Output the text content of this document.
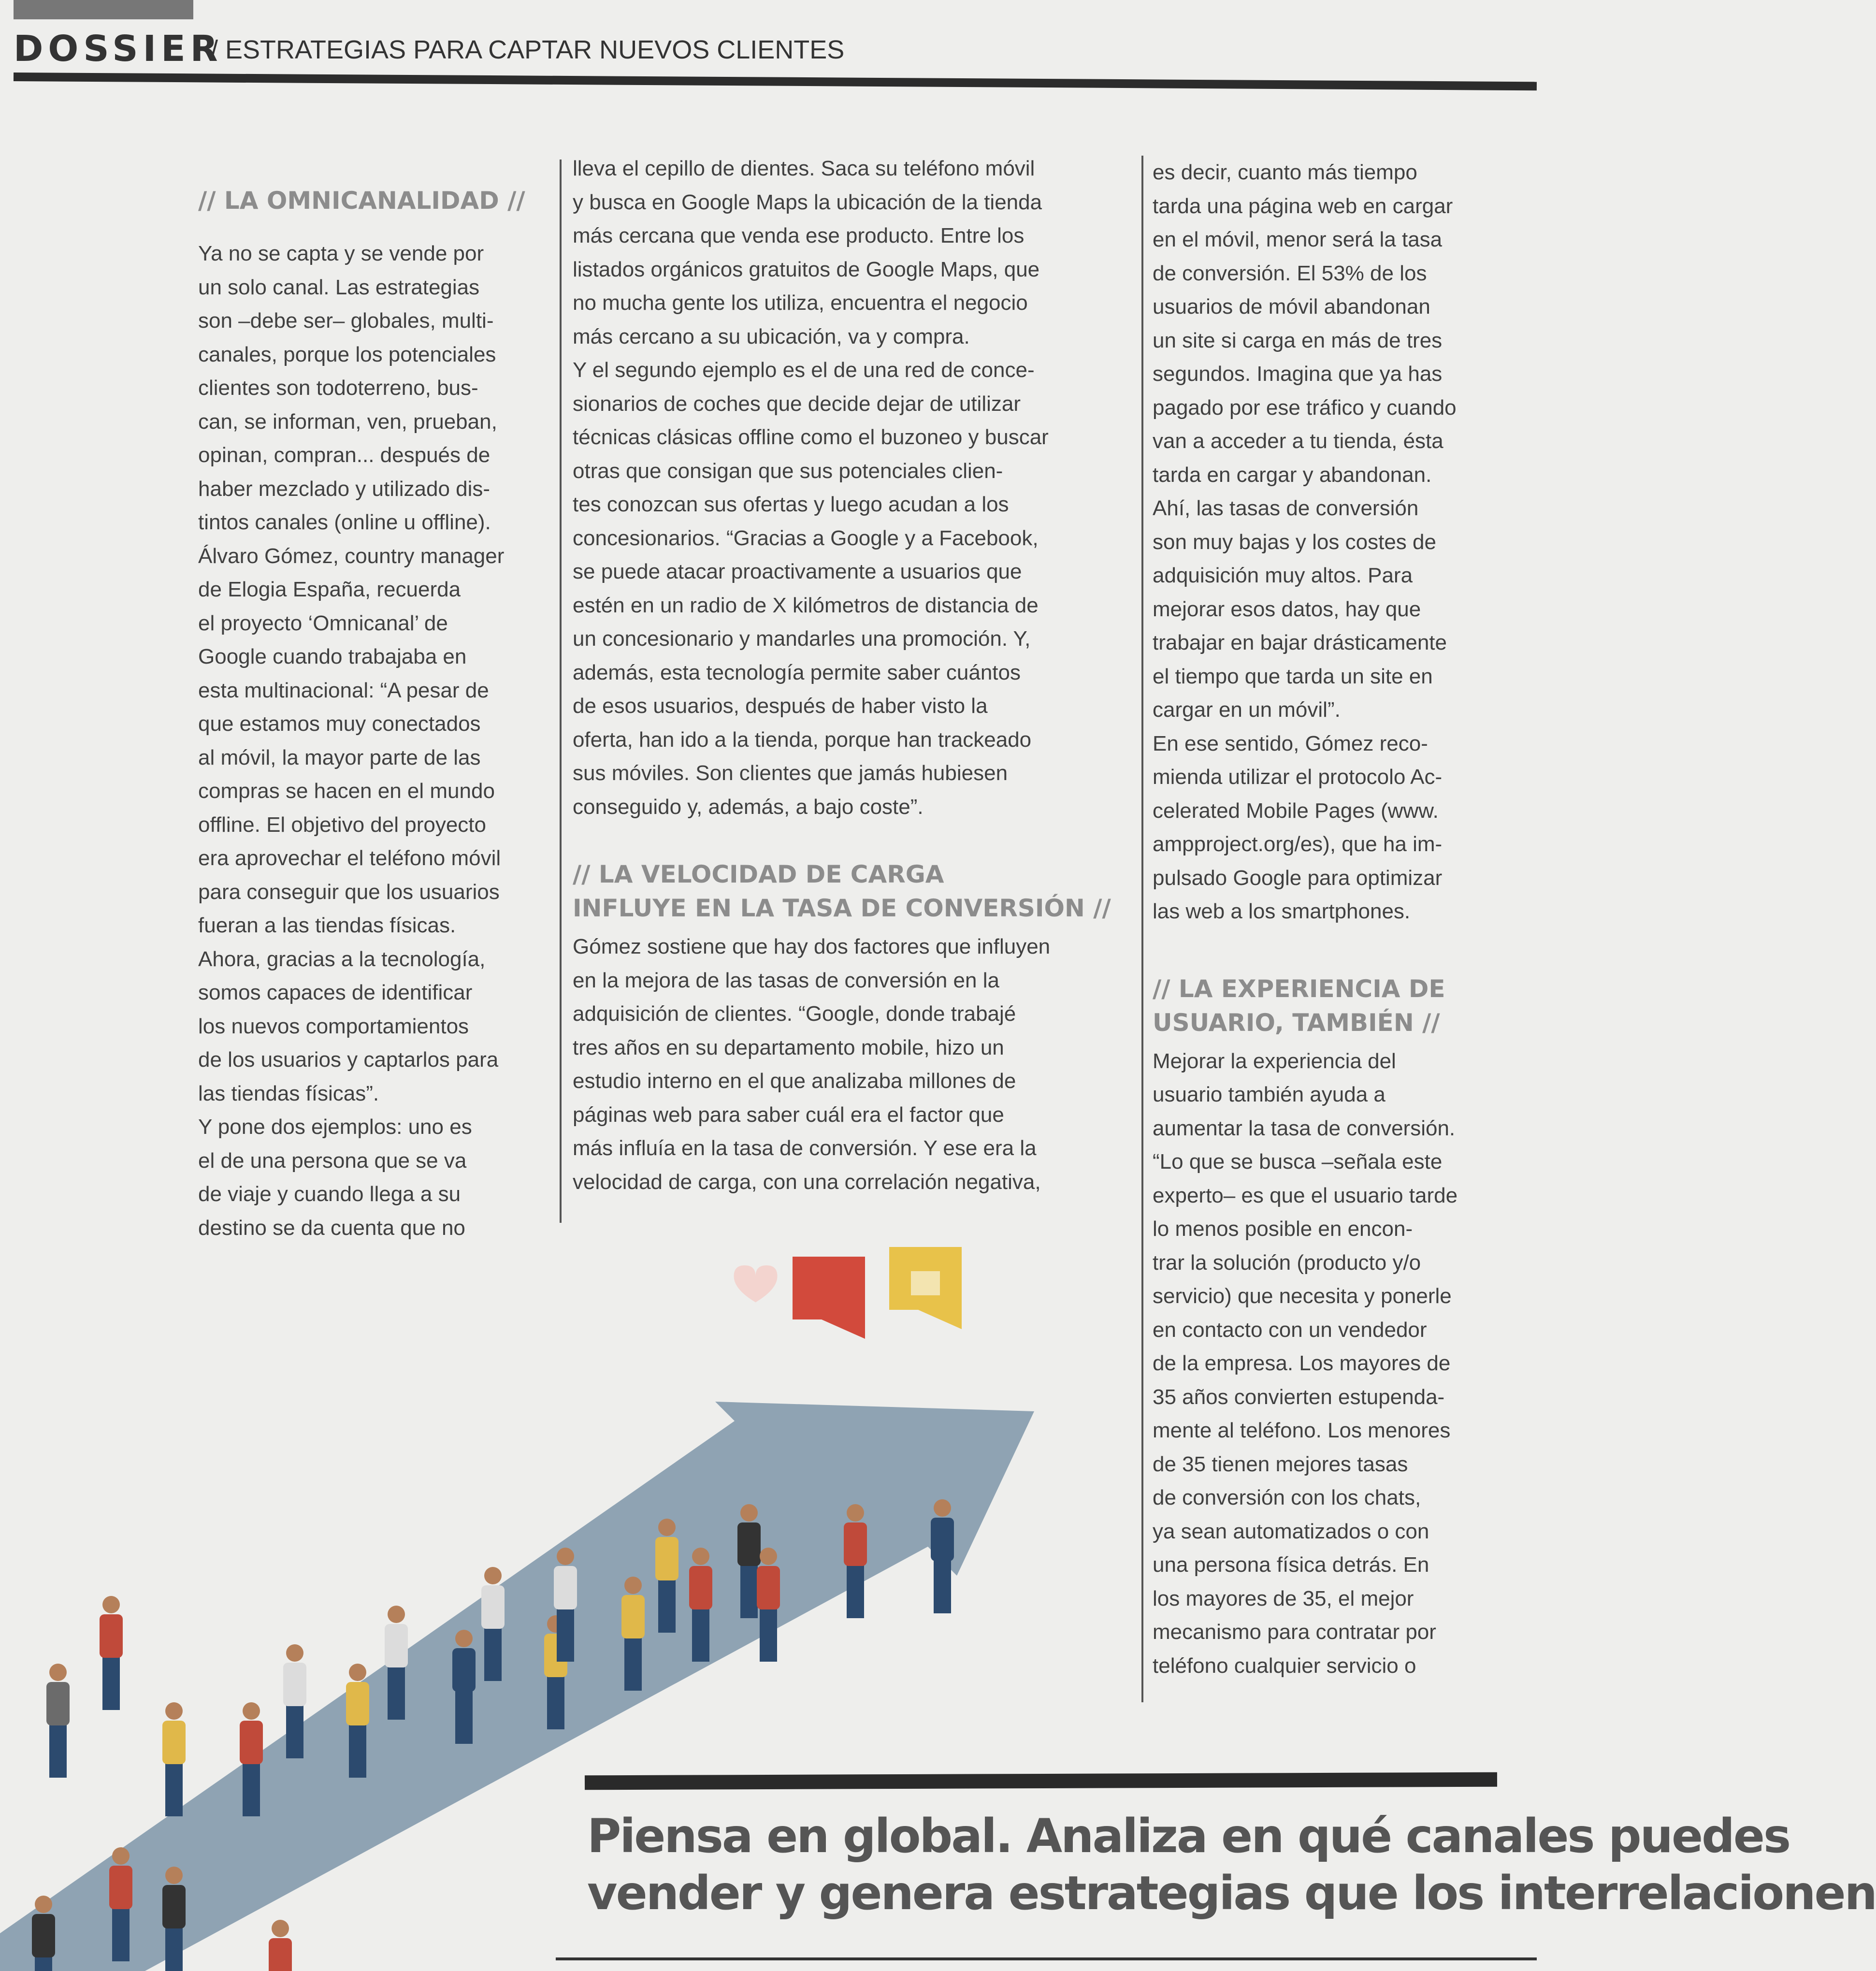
DOSSIER
/ ESTRATEGIAS PARA CAPTAR NUEVOS CLIENTES

// LA OMNICANALIDAD //

Ya no se capta y se vende por

un solo canal. Las estrategias

son –debe ser– globales, multi-

canales, porque los potenciales

clientes son todoterreno, bus-

can, se informan, ven, prueban,

opinan, compran... después de

haber mezclado y utilizado dis-

tintos canales (online u offline).

Álvaro Gómez, country manager

de Elogia España, recuerda

el proyecto ‘Omnicanal’ de

Google cuando trabajaba en

esta multinacional: “A pesar de

que estamos muy conectados

al móvil, la mayor parte de las

compras se hacen en el mundo

offline. El objetivo del proyecto

era aprovechar el teléfono móvil

para conseguir que los usuarios

fueran a las tiendas físicas.

Ahora, gracias a la tecnología,

somos capaces de identificar

los nuevos comportamientos

de los usuarios y captarlos para

las tiendas físicas”.

Y pone dos ejemplos: uno es

el de una persona que se va

de viaje y cuando llega a su

destino se da cuenta que no

lleva el cepillo de dientes. Saca su teléfono móvil

y busca en Google Maps la ubicación de la tienda

más cercana que venda ese producto. Entre los

listados orgánicos gratuitos de Google Maps, que

no mucha gente los utiliza, encuentra el negocio

más cercano a su ubicación, va y compra.

Y el segundo ejemplo es el de una red de conce-

sionarios de coches que decide dejar de utilizar

técnicas clásicas offline como el buzoneo y buscar

otras que consigan que sus potenciales clien-

tes conozcan sus ofertas y luego acudan a los

concesionarios. “Gracias a Google y a Facebook,

se puede atacar proactivamente a usuarios que

estén en un radio de X kilómetros de distancia de

un concesionario y mandarles una promoción. Y,

además, esta tecnología permite saber cuántos

de esos usuarios, después de haber visto la

oferta, han ido a la tienda, porque han trackeado

sus móviles. Son clientes que jamás hubiesen

conseguido y, además, a bajo coste”.

// LA VELOCIDAD DE CARGA

INFLUYE EN LA TASA DE CONVERSIÓN //

Gómez sostiene que hay dos factores que influyen

en la mejora de las tasas de conversión en la

adquisición de clientes. “Google, donde trabajé

tres años en su departamento mobile, hizo un

estudio interno en el que analizaba millones de

páginas web para saber cuál era el factor que

más influía en la tasa de conversión. Y ese era la

velocidad de carga, con una correlación negativa,

es decir, cuanto más tiempo

tarda una página web en cargar

en el móvil, menor será la tasa

de conversión. El 53% de los

usuarios de móvil abandonan

un site si carga en más de tres

segundos. Imagina que ya has

pagado por ese tráfico y cuando

van a acceder a tu tienda, ésta

tarda en cargar y abandonan.

Ahí, las tasas de conversión

son muy bajas y los costes de

adquisición muy altos. Para

mejorar esos datos, hay que

trabajar en bajar drásticamente

el tiempo que tarda un site en

cargar en un móvil”.

En ese sentido, Gómez reco-

mienda utilizar el protocolo Ac-

celerated Mobile Pages (www.

ampproject.org/es), que ha im-

pulsado Google para optimizar

las web a los smartphones.

// LA EXPERIENCIA DE

USUARIO, TAMBIÉN //

Mejorar la experiencia del

usuario también ayuda a

aumentar la tasa de conversión.

“Lo que se busca –señala este

experto– es que el usuario tarde

lo menos posible en encon-

trar la solución (producto y/o

servicio) que necesita y ponerle

en contacto con un vendedor

de la empresa. Los mayores de

35 años convierten estupenda-

mente al teléfono. Los menores

de 35 tienen mejores tasas

de conversión con los chats,

ya sean automatizados o con

una persona física detrás. En

los mayores de 35, el mejor

mecanismo para contratar por

teléfono cualquier servicio o

Piensa en global. Analiza en qué canales puedes

vender y genera estrategias que los interrelacionen
